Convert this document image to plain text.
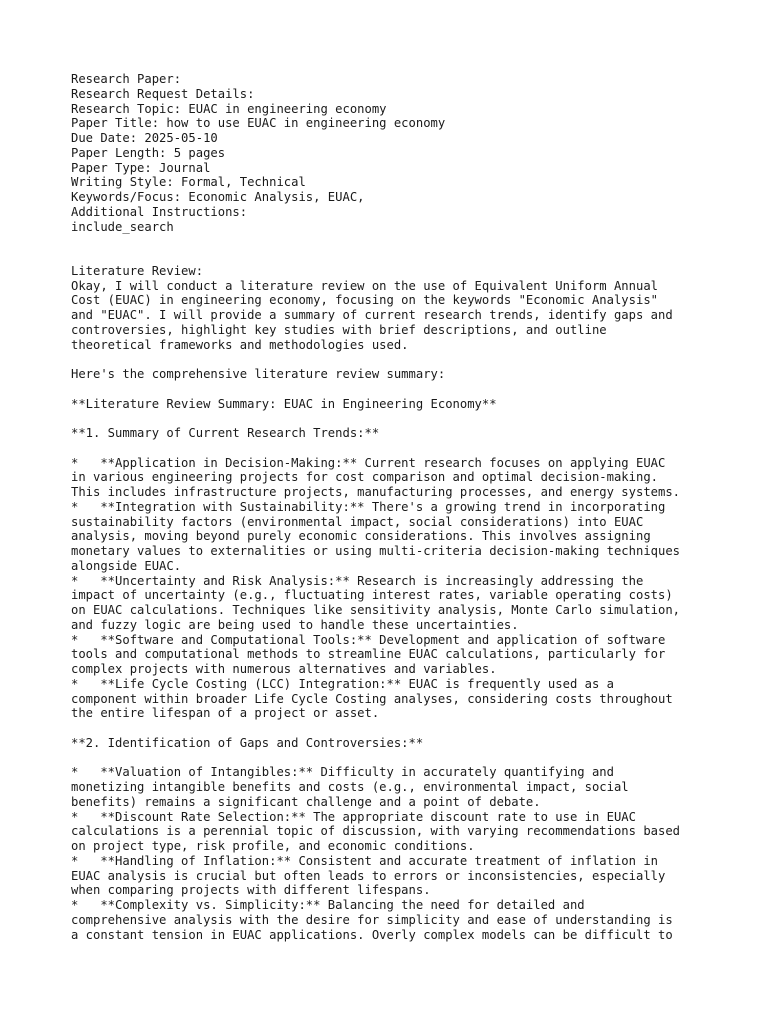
Research Paper:
Research Request Details:
Research Topic: EUAC in engineering economy
Paper Title: how to use EUAC in engineering economy
Due Date: 2025-05-10
Paper Length: 5 pages
Paper Type: Journal
Writing Style: Formal, Technical
Keywords/Focus: Economic Analysis, EUAC,
Additional Instructions:
include_search
Literature Review:
Okay, I will conduct a literature review on the use of Equivalent Uniform Annual
Cost (EUAC) in engineering economy, focusing on the keywords "Economic Analysis"
and "EUAC". I will provide a summary of current research trends, identify gaps and
controversies, highlight key studies with brief descriptions, and outline
theoretical frameworks and methodologies used.
Here's the comprehensive literature review summary:
**Literature Review Summary: EUAC in Engineering Economy**
**1. Summary of Current Research Trends:**
*   **Application in Decision-Making:** Current research focuses on applying EUAC
in various engineering projects for cost comparison and optimal decision-making.
This includes infrastructure projects, manufacturing processes, and energy systems.
*   **Integration with Sustainability:** There's a growing trend in incorporating
sustainability factors (environmental impact, social considerations) into EUAC
analysis, moving beyond purely economic considerations. This involves assigning
monetary values to externalities or using multi-criteria decision-making techniques
alongside EUAC.
*   **Uncertainty and Risk Analysis:** Research is increasingly addressing the
impact of uncertainty (e.g., fluctuating interest rates, variable operating costs)
on EUAC calculations. Techniques like sensitivity analysis, Monte Carlo simulation,
and fuzzy logic are being used to handle these uncertainties.
*   **Software and Computational Tools:** Development and application of software
tools and computational methods to streamline EUAC calculations, particularly for
complex projects with numerous alternatives and variables.
*   **Life Cycle Costing (LCC) Integration:** EUAC is frequently used as a
component within broader Life Cycle Costing analyses, considering costs throughout
the entire lifespan of a project or asset.
**2. Identification of Gaps and Controversies:**
*   **Valuation of Intangibles:** Difficulty in accurately quantifying and
monetizing intangible benefits and costs (e.g., environmental impact, social
benefits) remains a significant challenge and a point of debate.
*   **Discount Rate Selection:** The appropriate discount rate to use in EUAC
calculations is a perennial topic of discussion, with varying recommendations based
on project type, risk profile, and economic conditions.
*   **Handling of Inflation:** Consistent and accurate treatment of inflation in
EUAC analysis is crucial but often leads to errors or inconsistencies, especially
when comparing projects with different lifespans.
*   **Complexity vs. Simplicity:** Balancing the need for detailed and
comprehensive analysis with the desire for simplicity and ease of understanding is
a constant tension in EUAC applications. Overly complex models can be difficult to
